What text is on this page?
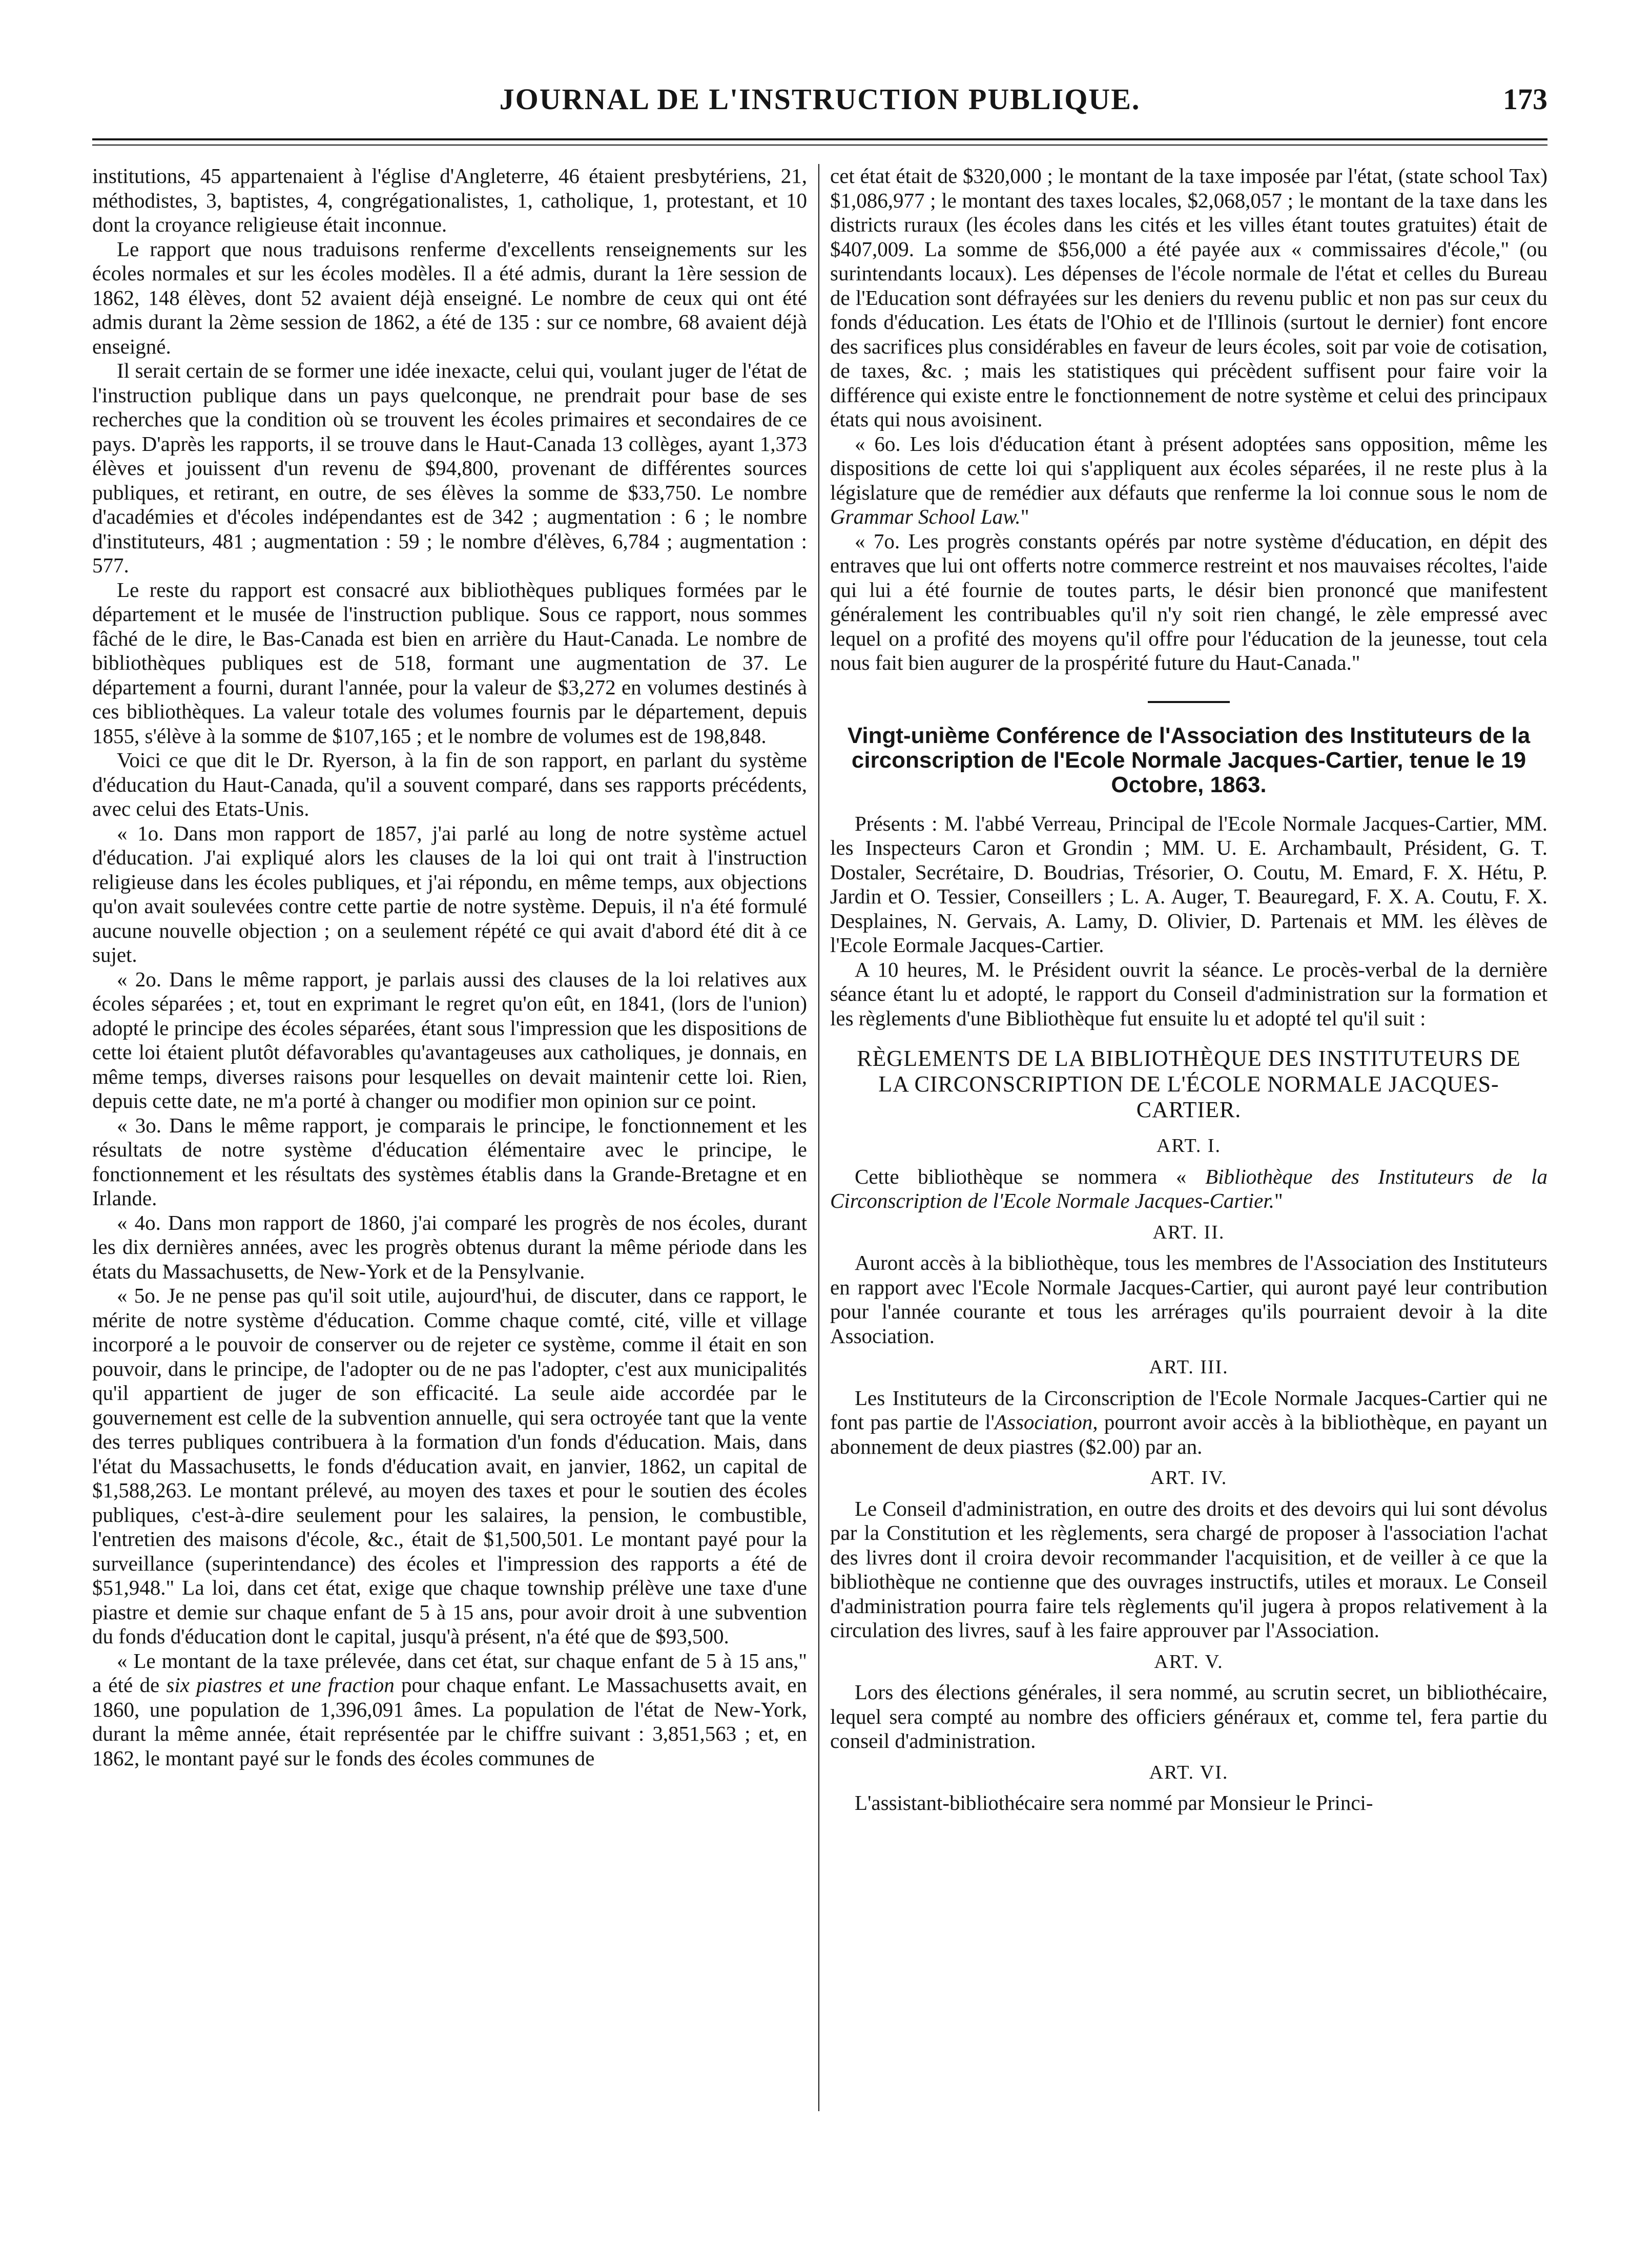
JOURNAL DE L'INSTRUCTION PUBLIQUE.	173

institutions, 45 appartenaient à l'église d'Angleterre, 46 étaient presbytériens, 21, méthodistes, 3, baptistes, 4, congrégationalistes, 1, catholique, 1, protestant, et 10 dont la croyance religieuse était inconnue.

Le rapport que nous traduisons renferme d'excellents renseignements sur les écoles normales et sur les écoles modèles. Il a été admis, durant la 1ère session de 1862, 148 élèves, dont 52 avaient déjà enseigné. Le nombre de ceux qui ont été admis durant la 2ème session de 1862, a été de 135 : sur ce nombre, 68 avaient déjà enseigné.

Il serait certain de se former une idée inexacte, celui qui, voulant juger de l'état de l'instruction publique dans un pays quelconque, ne prendrait pour base de ses recherches que la condition où se trouvent les écoles primaires et secondaires de ce pays. D'après les rapports, il se trouve dans le Haut-Canada 13 collèges, ayant 1,373 élèves et jouissent d'un revenu de $94,800, provenant de différentes sources publiques, et retirant, en outre, de ses élèves la somme de $33,750. Le nombre d'académies et d'écoles indépendantes est de 342 ; augmentation : 6 ; le nombre d'instituteurs, 481 ; augmentation : 59 ; le nombre d'élèves, 6,784 ; augmentation : 577.

Le reste du rapport est consacré aux bibliothèques publiques formées par le département et le musée de l'instruction publique. Sous ce rapport, nous sommes fâché de le dire, le Bas-Canada est bien en arrière du Haut-Canada. Le nombre de bibliothèques publiques est de 518, formant une augmentation de 37. Le département a fourni, durant l'année, pour la valeur de $3,272 en volumes destinés à ces bibliothèques. La valeur totale des volumes fournis par le département, depuis 1855, s'élève à la somme de $107,165 ; et le nombre de volumes est de 198,848.

Voici ce que dit le Dr. Ryerson, à la fin de son rapport, en parlant du système d'éducation du Haut-Canada, qu'il a souvent comparé, dans ses rapports précédents, avec celui des Etats-Unis.

« 1o. Dans mon rapport de 1857, j'ai parlé au long de notre système actuel d'éducation. J'ai expliqué alors les clauses de la loi qui ont trait à l'instruction religieuse dans les écoles publiques, et j'ai répondu, en même temps, aux objections qu'on avait soulevées contre cette partie de notre système. Depuis, il n'a été formulé aucune nouvelle objection ; on a seulement répété ce qui avait d'abord été dit à ce sujet.

« 2o. Dans le même rapport, je parlais aussi des clauses de la loi relatives aux écoles séparées ; et, tout en exprimant le regret qu'on eût, en 1841, (lors de l'union) adopté le principe des écoles séparées, étant sous l'impression que les dispositions de cette loi étaient plutôt défavorables qu'avantageuses aux catholiques, je donnais, en même temps, diverses raisons pour lesquelles on devait maintenir cette loi. Rien, depuis cette date, ne m'a porté à changer ou modifier mon opinion sur ce point.

« 3o. Dans le même rapport, je comparais le principe, le fonctionnement et les résultats de notre système d'éducation élémentaire avec le principe, le fonctionnement et les résultats des systèmes établis dans la Grande-Bretagne et en Irlande.

« 4o. Dans mon rapport de 1860, j'ai comparé les progrès de nos écoles, durant les dix dernières années, avec les progrès obtenus durant la même période dans les états du Massachusetts, de New-York et de la Pensylvanie.

« 5o. Je ne pense pas qu'il soit utile, aujourd'hui, de discuter, dans ce rapport, le mérite de notre système d'éducation. Comme chaque comté, cité, ville et village incorporé a le pouvoir de conserver ou de rejeter ce système, comme il était en son pouvoir, dans le principe, de l'adopter ou de ne pas l'adopter, c'est aux municipalités qu'il appartient de juger de son efficacité. La seule aide accordée par le gouvernement est celle de la subvention annuelle, qui sera octroyée tant que la vente des terres publiques contribuera à la formation d'un fonds d'éducation. Mais, dans l'état du Massachusetts, le fonds d'éducation avait, en janvier, 1862, un capital de $1,588,263. Le montant prélevé, au moyen des taxes et pour le soutien des écoles publiques, c'est-à-dire seulement pour les salaires, la pension, le combustible, l'entretien des maisons d'école, &c., était de $1,500,501. Le montant payé pour la surveillance (superintendance) des écoles et l'impression des rapports a été de $51,948." La loi, dans cet état, exige que chaque township prélève une taxe d'une piastre et demie sur chaque enfant de 5 à 15 ans, pour avoir droit à une subvention du fonds d'éducation dont le capital, jusqu'à présent, n'a été que de $93,500.

« Le montant de la taxe prélevée, dans cet état, sur chaque enfant de 5 à 15 ans," a été de six piastres et une fraction pour chaque enfant. Le Massachusetts avait, en 1860, une population de 1,396,091 âmes. La population de l'état de New-York, durant la même année, était représentée par le chiffre suivant : 3,851,563 ; et, en 1862, le montant payé sur le fonds des écoles communes de

cet état était de $320,000 ; le montant de la taxe imposée par l'état, (state school Tax) $1,086,977 ; le montant des taxes locales, $2,068,057 ; le montant de la taxe dans les districts ruraux (les écoles dans les cités et les villes étant toutes gratuites) était de $407,009. La somme de $56,000 a été payée aux « commissaires d'école," (ou surintendants locaux). Les dépenses de l'école normale de l'état et celles du Bureau de l'Education sont défrayées sur les deniers du revenu public et non pas sur ceux du fonds d'éducation. Les états de l'Ohio et de l'Illinois (surtout le dernier) font encore des sacrifices plus considérables en faveur de leurs écoles, soit par voie de cotisation, de taxes, &c. ; mais les statistiques qui précèdent suffisent pour faire voir la différence qui existe entre le fonctionnement de notre système et celui des principaux états qui nous avoisinent.

« 6o. Les lois d'éducation étant à présent adoptées sans opposition, même les dispositions de cette loi qui s'appliquent aux écoles séparées, il ne reste plus à la législature que de remédier aux défauts que renferme la loi connue sous le nom de Grammar School Law."

« 7o. Les progrès constants opérés par notre système d'éducation, en dépit des entraves que lui ont offerts notre commerce restreint et nos mauvaises récoltes, l'aide qui lui a été fournie de toutes parts, le désir bien prononcé que manifestent généralement les contribuables qu'il n'y soit rien changé, le zèle empressé avec lequel on a profité des moyens qu'il offre pour l'éducation de la jeunesse, tout cela nous fait bien augurer de la prospérité future du Haut-Canada."

Vingt-unième Conférence de l'Association des Instituteurs de la circonscription de l'Ecole Normale Jacques-Cartier, tenue le 19 Octobre, 1863.

Présents : M. l'abbé Verreau, Principal de l'Ecole Normale Jacques-Cartier, MM. les Inspecteurs Caron et Grondin ; MM. U. E. Archambault, Président, G. T. Dostaler, Secrétaire, D. Boudrias, Trésorier, O. Coutu, M. Emard, F. X. Hétu, P. Jardin et O. Tessier, Conseillers ; L. A. Auger, T. Beauregard, F. X. A. Coutu, F. X. Desplaines, N. Gervais, A. Lamy, D. Olivier, D. Partenais et MM. les élèves de l'Ecole Eormale Jacques-Cartier.

A 10 heures, M. le Président ouvrit la séance. Le procès-verbal de la dernière séance étant lu et adopté, le rapport du Conseil d'administration sur la formation et les règlements d'une Bibliothèque fut ensuite lu et adopté tel qu'il suit :

RÈGLEMENTS DE LA BIBLIOTHÈQUE DES INSTITUTEURS DE LA CIRCONSCRIPTION DE L'ÉCOLE NORMALE JACQUES-CARTIER.
ART. I.

Cette bibliothèque se nommera « Bibliothèque des Instituteurs de la Circonscription de l'Ecole Normale Jacques-Cartier."

ART. II.

Auront accès à la bibliothèque, tous les membres de l'Association des Instituteurs en rapport avec l'Ecole Normale Jacques-Cartier, qui auront payé leur contribution pour l'année courante et tous les arrérages qu'ils pourraient devoir à la dite Association.

ART. III.

Les Instituteurs de la Circonscription de l'Ecole Normale Jacques-Cartier qui ne font pas partie de l'Association, pourront avoir accès à la bibliothèque, en payant un abonnement de deux piastres ($2.00) par an.

ART. IV.

Le Conseil d'administration, en outre des droits et des devoirs qui lui sont dévolus par la Constitution et les règlements, sera chargé de proposer à l'association l'achat des livres dont il croira devoir recommander l'acquisition, et de veiller à ce que la bibliothèque ne contienne que des ouvrages instructifs, utiles et moraux. Le Conseil d'administration pourra faire tels règlements qu'il jugera à propos relativement à la circulation des livres, sauf à les faire approuver par l'Association.

ART. V.

Lors des élections générales, il sera nommé, au scrutin secret, un bibliothécaire, lequel sera compté au nombre des officiers généraux et, comme tel, fera partie du conseil d'administration.

ART. VI.

L'assistant-bibliothécaire sera nommé par Monsieur le Princi-
